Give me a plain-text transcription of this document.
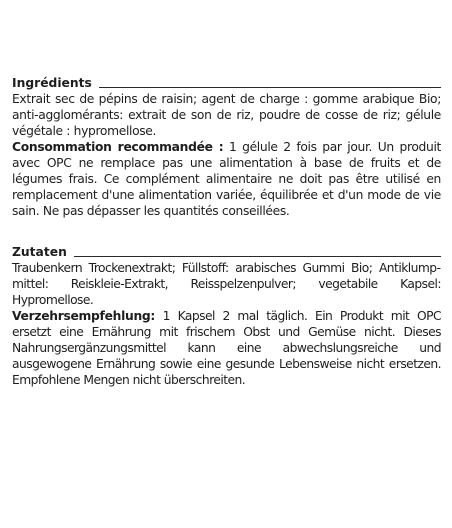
Ingrédients

Extrait sec de pépins de raisin; agent de charge : gomme arabique Bio; anti-agglomérants: extrait de son de riz, poudre de cosse de riz; gélule végétale : hypromellose.

Consommation recommandée : 1 gélule 2 fois par jour. Un produit avec OPC ne remplace pas une alimentation à base de fruits et de légumes frais. Ce complément alimentaire ne doit pas être utilisé en remplacement d'une alimentation variée, équilibrée et d'un mode de vie sain. Ne pas dépasser les quantités conseillées.

Zutaten

Traubenkern Trockenextrakt; Füllstoff: arabisches Gummi Bio; Antiklumpmittel: Reiskleie-Extrakt, Reisspelzenpulver; vegetabile Kapsel: Hypromellose.

Verzehrsempfehlung: 1 Kapsel 2 mal täglich. Ein Produkt mit OPC ersetzt eine Ernährung mit frischem Obst und Gemüse nicht. Dieses Nahrungsergänzungsmittel kann eine abwechslungsreiche und ausgewogene Ernährung sowie eine gesunde Lebensweise nicht ersetzen. Empfohlene Mengen nicht überschreiten.
